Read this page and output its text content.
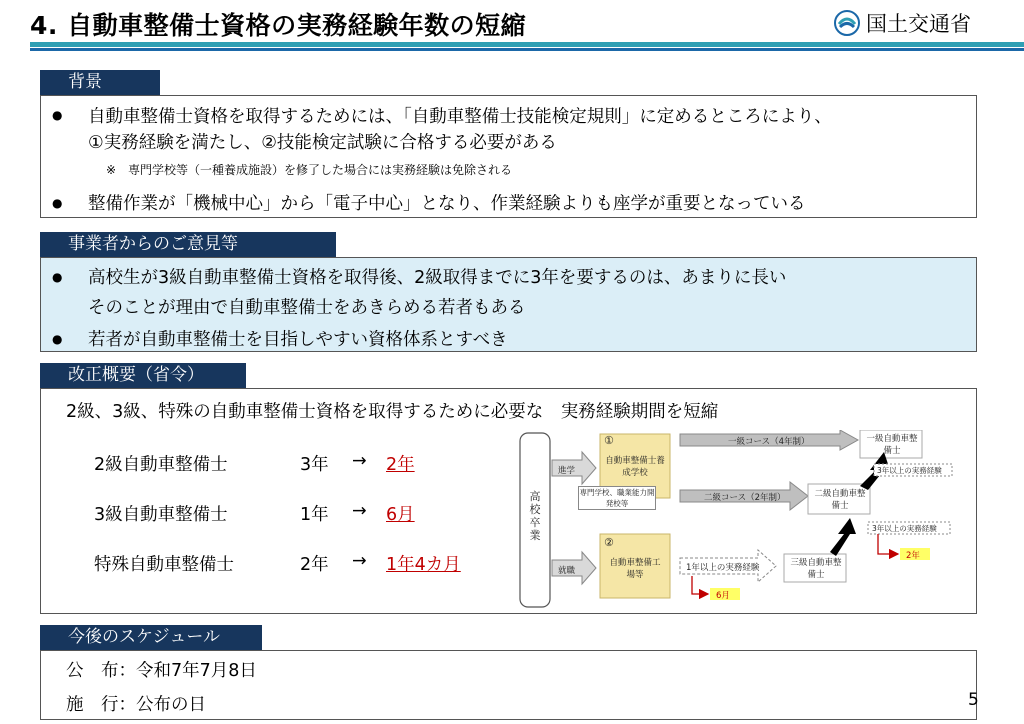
4. 自動車整備士資格の実務経験年数の短縮	国土交通省
背景
● 自動車整備士資格を取得するためには、「自動車整備士技能検定規則」に定めるところにより、
①実務経験を満たし、②技能検定試験に合格する必要がある
※　専門学校等（一種養成施設）を修了した場合には実務経験は免除される
● 整備作業が「機械中心」から「電子中心」となり、作業経験よりも座学が重要となっている
事業者からのご意見等
● 高校生が3級自動車整備士資格を取得後、2級取得までに3年を要するのは、あまりに長い
そのことが理由で自動車整備士をあきらめる若者もある
● 若者が自動車整備士を目指しやすい資格体系とすべき
改正概要（省令）
2級、3級、特殊の自動車整備士資格を取得するために必要な　実務経験期間を短縮
2級自動車整備士	3年 → 2年
3級自動車整備士	1年 → 6月
特殊自動車整備士	2年 → 1年4カ月
高校卒業
進学
就職
①
自動車整備士養成学校
専門学校、職業能力開発校等
②
自動車整備工場等
一級コース（4年制）
二級コース（2年制）
1年以上の実務経験
一級自動車整備士
二級自動車整備士
三級自動車整備士
3年以上の実務経験
3年以上の実務経験
2年
6月
今後のスケジュール
公　布：令和7年7月8日
施　行：公布の日	5
